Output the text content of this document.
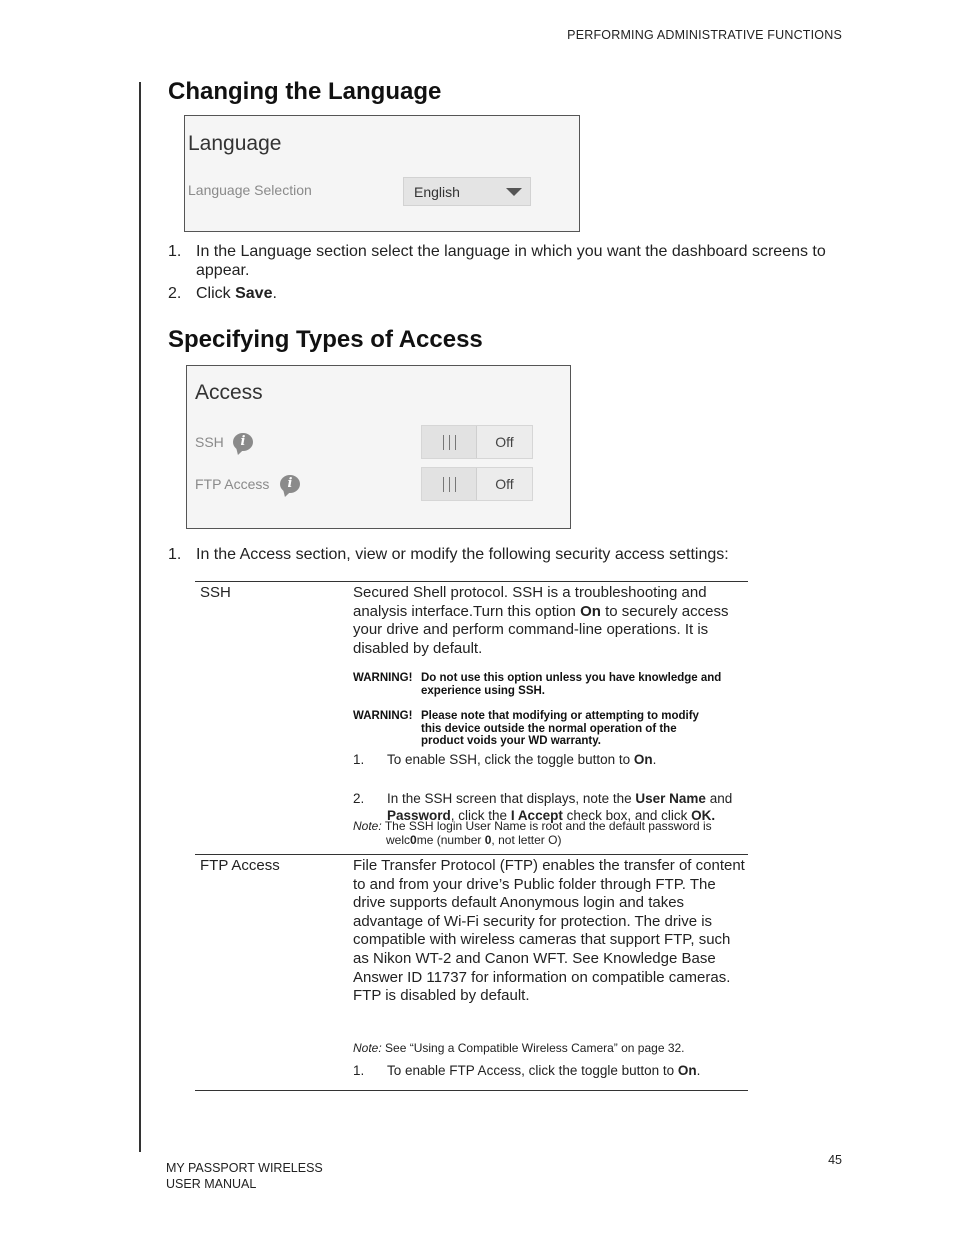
PERFORMING ADMINISTRATIVE FUNCTIONS
Changing the Language
Language
Language Selection	English
1. In the Language section select the language in which you want the dashboard screens to appear.
2. Click Save.
Specifying Types of Access
Access
SSH	i	Off
FTP Access	i	Off
1. In the Access section, view or modify the following security access settings:
SSH	Secured Shell protocol. SSH is a troubleshooting and analysis interface.Turn this option On to securely access your drive and perform command-line operations. It is disabled by default.
WARNING! Do not use this option unless you have knowledge and
experience using SSH.
WARNING! Please note that modifying or attempting to modify
this device outside the normal operation of the
product voids your WD warranty.
1. To enable SSH, click the toggle button to On.
2. In the SSH screen that displays, note the User Name and Password, click the I Accept check box, and click OK.
Note: The SSH login User Name is root and the default password is
welc0me (number 0, not letter O)
FTP Access	File Transfer Protocol (FTP) enables the transfer of content to and from your drive’s Public folder through FTP. The drive supports default Anonymous login and takes advantage of Wi-Fi security for protection. The drive is compatible with wireless cameras that support FTP, such as Nikon WT-2 and Canon WFT. See Knowledge Base Answer ID 11737 for information on compatible cameras. FTP is disabled by default.
1. To enable FTP Access, click the toggle button to On.
Note: See “Using a Compatible Wireless Camera” on page 32.
45
MY PASSPORT WIRELESS
USER MANUAL
